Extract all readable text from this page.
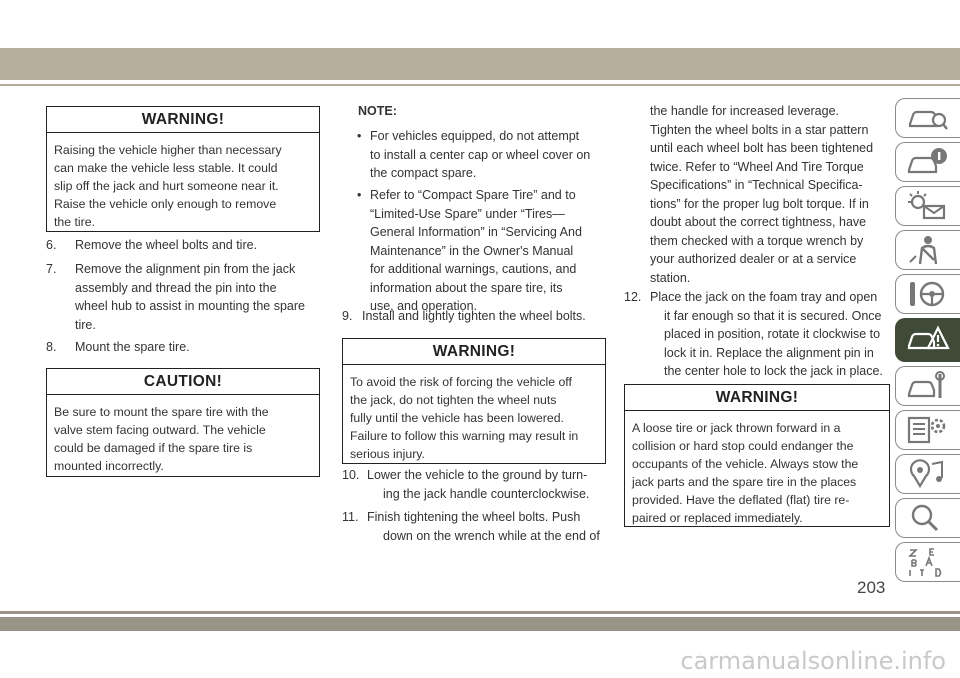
WARNING!
Raising the vehicle higher than necessary
can make the vehicle less stable. It could
slip off the jack and hurt someone near it.
Raise the vehicle only enough to remove
the tire.
6. Remove the wheel bolts and tire.
7. Remove the alignment pin from the jack
assembly and thread the pin into the
wheel hub to assist in mounting the spare
tire.
8. Mount the spare tire.
CAUTION!
Be sure to mount the spare tire with the
valve stem facing outward. The vehicle
could be damaged if the spare tire is
mounted incorrectly.
NOTE:
• For vehicles equipped, do not attempt
to install a center cap or wheel cover on
the compact spare.
• Refer to “Compact Spare Tire” and to
“Limited-Use Spare” under “Tires—
General Information” in “Servicing And
Maintenance” in the Owner's Manual
for additional warnings, cautions, and
information about the spare tire, its
use, and operation.
9. Install and lightly tighten the wheel bolts.
WARNING!
To avoid the risk of forcing the vehicle off
the jack, do not tighten the wheel nuts
fully until the vehicle has been lowered.
Failure to follow this warning may result in
serious injury.
10. Lower the vehicle to the ground by turn-
ing the jack handle counterclockwise.
11. Finish tightening the wheel bolts. Push
down on the wrench while at the end of
the handle for increased leverage.
Tighten the wheel bolts in a star pattern
until each wheel bolt has been tightened
twice. Refer to “Wheel And Tire Torque
Specifications” in “Technical Specifica-
tions” for the proper lug bolt torque. If in
doubt about the correct tightness, have
them checked with a torque wrench by
your authorized dealer or at a service
station.
12. Place the jack on the foam tray and open
it far enough so that it is secured. Once
placed in position, rotate it clockwise to
lock it in. Replace the alignment pin in
the center hole to lock the jack in place.
WARNING!
A loose tire or jack thrown forward in a
collision or hard stop could endanger the
occupants of the vehicle. Always stow the
jack parts and the spare tire in the places
provided. Have the deflated (flat) tire re-
paired or replaced immediately.
203
carmanualsonline.info
